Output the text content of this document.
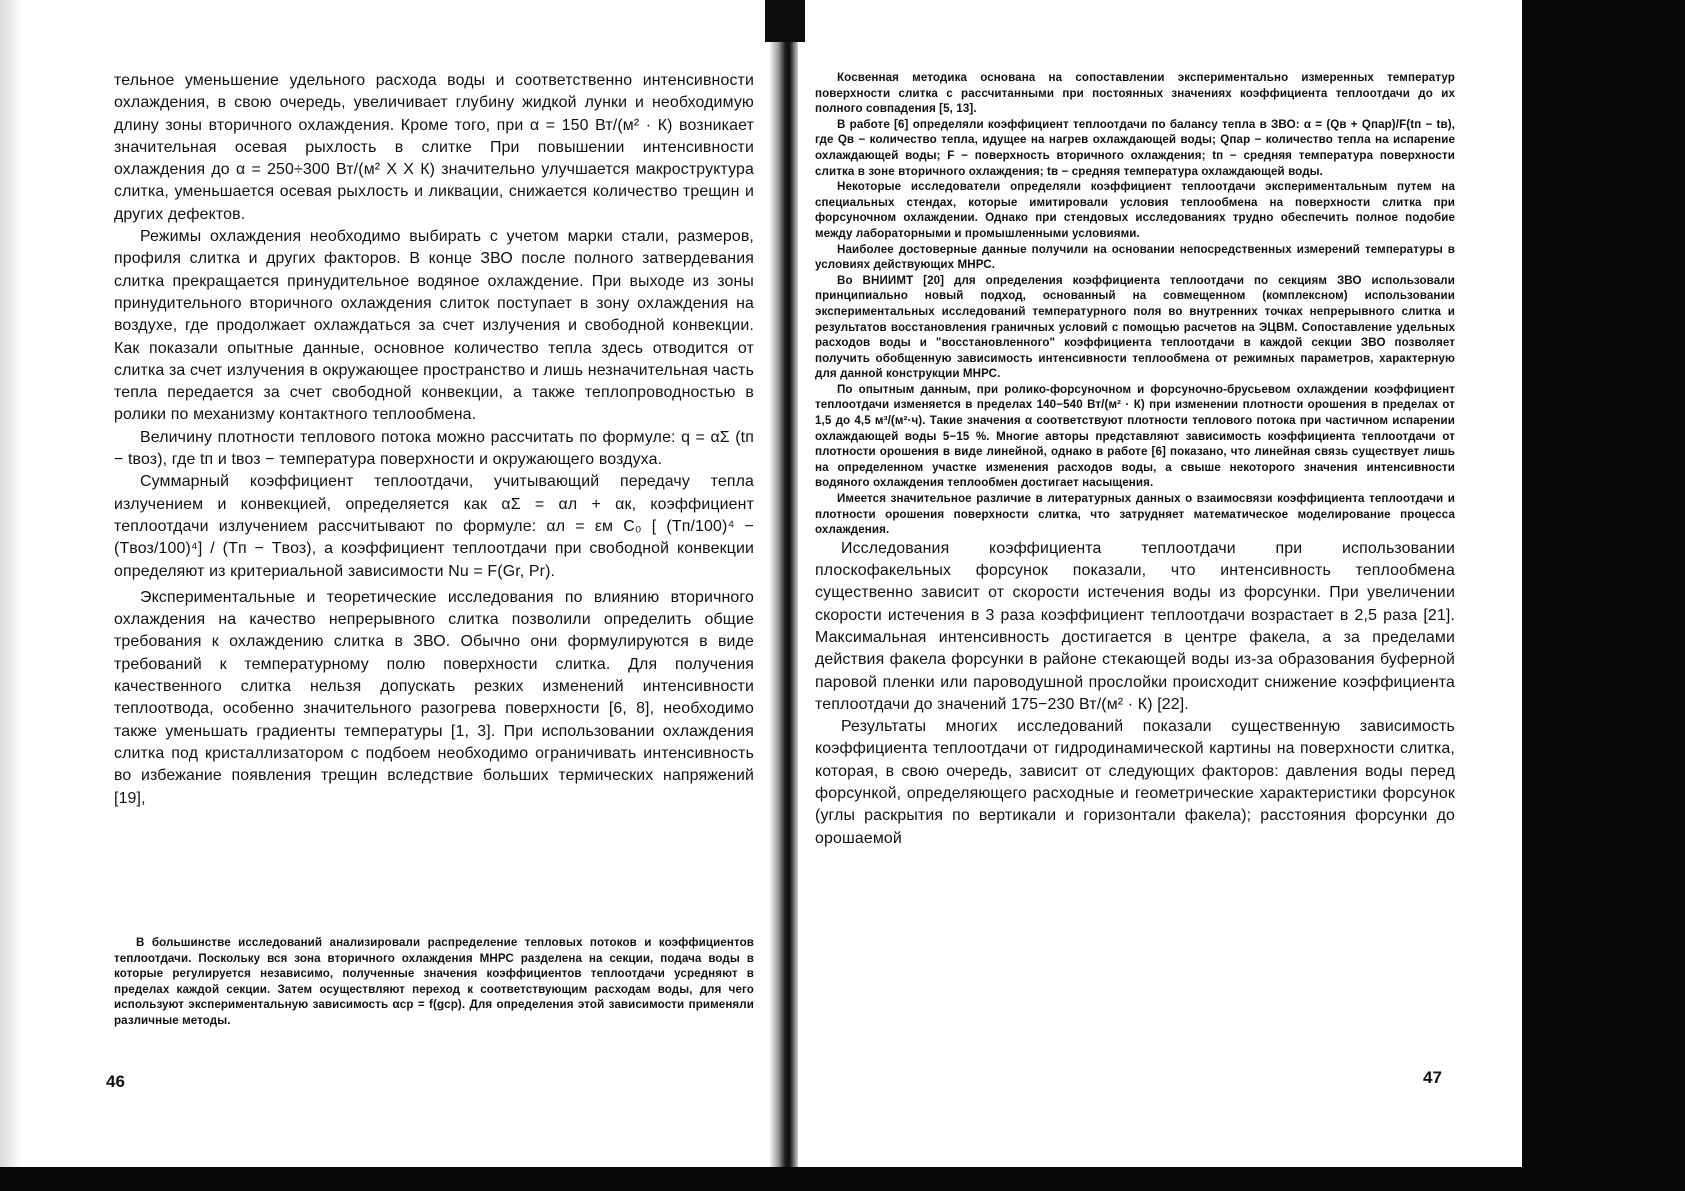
тельное уменьшение удельного расхода воды и соответственно интенсивности охлаждения, в свою очередь, увеличивает глубину жидкой лунки и необходимую длину зоны вторичного охлаждения. Кроме того, при α = 150 Вт/(м² · К) возникает значительная осевая рыхлость в слитке При повышении интенсивности охлаждения до α = 250÷300 Вт/(м² Х Х К) значительно улучшается макроструктура слитка, уменьшается осевая рыхлость и ликвации, снижается количество трещин и других дефектов.

Режимы охлаждения необходимо выбирать с учетом марки стали, размеров, профиля слитка и других факторов. В конце ЗВО после полного затвердевания слитка прекращается принудительное водяное охлаждение. При выходе из зоны принудительного вторичного охлаждения слиток поступает в зону охлаждения на воздухе, где продолжает охлаждаться за счет излучения и свободной конвекции. Как показали опытные данные, основное количество тепла здесь отводится от слитка за счет излучения в окружающее пространство и лишь незначительная часть тепла передается за счет свободной конвекции, а также теплопроводностью в ролики по механизму контактного теплообмена.

Величину плотности теплового потока можно рассчитать по формуле: q = αΣ (tп − tвоз), где tп и tвоз − температура поверхности и окружающего воздуха.

Суммарный коэффициент теплоотдачи, учитывающий передачу тепла излучением и конвекцией, определяется как αΣ = αл + αк, коэффициент теплоотдачи излучением рассчитывают по формуле: αл = εм C₀ [ (Tп/100)⁴ − (Tвоз/100)⁴] / (Tп − Tвоз), а коэффициент теплоотдачи при свободной конвекции определяют из критериальной зависимости Nu = F(Gr, Pr).

Экспериментальные и теоретические исследования по влиянию вторичного охлаждения на качество непрерывного слитка позволили определить общие требования к охлаждению слитка в ЗВО. Обычно они формулируются в виде требований к температурному полю поверхности слитка. Для получения качественного слитка нельзя допускать резких изменений интенсивности теплоотвода, особенно значительного разогрева поверхности [6, 8], необходимо также уменьшать градиенты температуры [1, 3]. При использовании охлаждения слитка под кристаллизатором с подбоем необходимо ограничивать интенсивность во избежание появления трещин вследствие больших термических напряжений [19],

В большинстве исследований анализировали распределение тепловых потоков и коэффициентов теплоотдачи. Поскольку вся зона вторичного охлаждения МНРС разделена на секции, подача воды в которые регулируется независимо, полученные значения коэффициентов теплоотдачи усредняют в пределах каждой секции. Затем осуществляют переход к соответствующим расходам воды, для чего используют экспериментальную зависимость αср = f(gср). Для определения этой зависимости применяли различные методы.

46

Косвенная методика основана на сопоставлении экспериментально измеренных температур поверхности слитка с рассчитанными при постоянных значениях коэффициента теплоотдачи до их полного совпадения [5, 13].

В работе [6] определяли коэффициент теплоотдачи по балансу тепла в ЗВО: α = (Qв + Qпар)/F(tп − tв), где Qв − количество тепла, идущее на нагрев охлаждающей воды; Qпар − количество тепла на испарение охлаждающей воды; F − поверхность вторичного охлаждения; tп − средняя температура поверхности слитка в зоне вторичного охлаждения; tв − средняя температура охлаждающей воды.

Некоторые исследователи определяли коэффициент теплоотдачи экспериментальным путем на специальных стендах, которые имитировали условия теплообмена на поверхности слитка при форсуночном охлаждении. Однако при стендовых исследованиях трудно обеспечить полное подобие между лабораторными и промышленными условиями.

Наиболее достоверные данные получили на основании непосредственных измерений температуры в условиях действующих МНРС.

Во ВНИИМТ [20] для определения коэффициента теплоотдачи по секциям ЗВО использовали принципиально новый подход, основанный на совмещенном (комплексном) использовании экспериментальных исследований температурного поля во внутренних точках непрерывного слитка и результатов восстановления граничных условий с помощью расчетов на ЭЦВМ. Сопоставление удельных расходов воды и "восстановленного" коэффициента теплоотдачи в каждой секции ЗВО позволяет получить обобщенную зависимость интенсивности теплообмена от режимных параметров, характерную для данной конструкции МНРС.

По опытным данным, при ролико-форсуночном и форсуночно-брусьевом охлаждении коэффициент теплоотдачи изменяется в пределах 140−540 Вт/(м² · К) при изменении плотности орошения в пределах от 1,5 до 4,5 м³/(м²·ч). Такие значения α соответствуют плотности теплового потока при частичном испарении охлаждающей воды 5−15 %. Многие авторы представляют зависимость коэффициента теплоотдачи от плотности орошения в виде линейной, однако в работе [6] показано, что линейная связь существует лишь на определенном участке изменения расходов воды, а свыше некоторого значения интенсивности водяного охлаждения теплообмен достигает насыщения.

Имеется значительное различие в литературных данных о взаимосвязи коэффициента теплоотдачи и плотности орошения поверхности слитка, что затрудняет математическое моделирование процесса охлаждения.

Исследования коэффициента теплоотдачи при использовании плоскофакельных форсунок показали, что интенсивность теплообмена существенно зависит от скорости истечения воды из форсунки. При увеличении скорости истечения в 3 раза коэффициент теплоотдачи возрастает в 2,5 раза [21]. Максимальная интенсивность достигается в центре факела, а за пределами действия факела форсунки в районе стекающей воды из-за образования буферной паровой пленки или пароводушной прослойки происходит снижение коэффициента теплоотдачи до значений 175−230 Вт/(м² · К) [22].

Результаты многих исследований показали существенную зависимость коэффициента теплоотдачи от гидродинамической картины на поверхности слитка, которая, в свою очередь, зависит от следующих факторов: давления воды перед форсункой, определяющего расходные и геометрические характеристики форсунок (углы раскрытия по вертикали и горизонтали факела); расстояния форсунки до орошаемой

47
